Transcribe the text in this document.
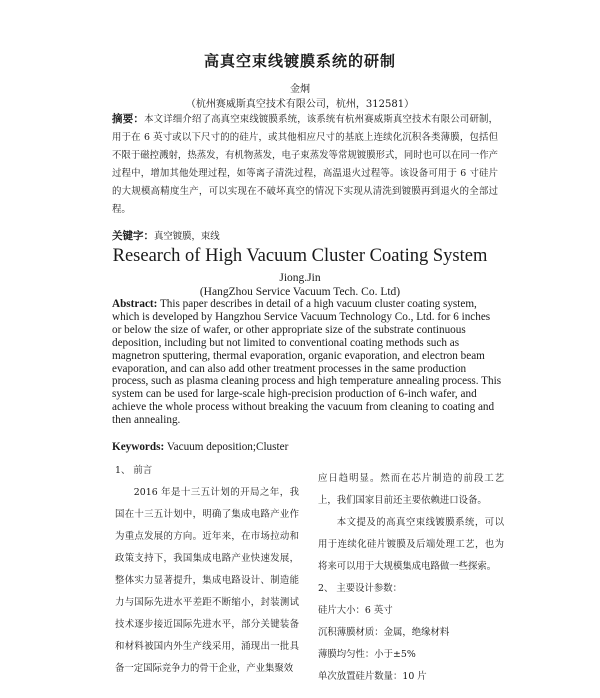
高真空束线镀膜系统的研制
金炯
（杭州赛威斯真空技术有限公司，杭州，312581）
摘要：本文详细介绍了高真空束线镀膜系统，该系统有杭州赛威斯真空技术有限公司研制，用于在 6 英寸或以下尺寸的的硅片，或其他相应尺寸的基底上连续化沉积各类薄膜，包括但不限于磁控溅射，热蒸发，有机物蒸发，电子束蒸发等常规镀膜形式，同时也可以在同一作产过程中，增加其他处理过程，如等离子清洗过程，高温退火过程等。该设备可用于 6 寸硅片的大规模高精度生产，可以实现在不破坏真空的情况下实现从清洗到镀膜再到退火的全部过程。
关键字：真空镀膜，束线
Research of High Vacuum Cluster Coating System
Jiong.Jin
(HangZhou Service Vacuum Tech. Co. Ltd)
Abstract: This paper describes in detail of a high vacuum cluster coating system, which is developed by Hangzhou Service Vacuum Technology Co., Ltd. for 6 inches or below the size of wafer, or other appropriate size of the substrate continuous deposition, including but not limited to conventional coating methods such as magnetron sputtering, thermal evaporation, organic evaporation, and electron beam evaporation, and can also add other treatment processes in the same production process, such as plasma cleaning process and high temperature annealing process. This system can be used for large-scale high-precision production of 6-inch wafer, and achieve the whole process without breaking the vacuum from cleaning to coating and then annealing.
Keywords: Vacuum deposition;Cluster

1、 前言

2016 年是十三五计划的开局之年，我国在十三五计划中，明确了集成电路产业作为重点发展的方向。近年来，在市场拉动和政策支持下，我国集成电路产业快速发展，整体实力显著提升，集成电路设计、制造能力与国际先进水平差距不断缩小，封装测试技术逐步接近国际先进水平，部分关键装备和材料被国内外生产线采用，涌现出一批具备一定国际竞争力的骨干企业，产业集聚效

应日趋明显。然而在芯片制造的前段工艺上，我们国家目前还主要依赖进口设备。

本文提及的高真空束线镀膜系统，可以用于连续化硅片镀膜及后端处理工艺，也为将来可以用于大规模集成电路做一些探索。

2、 主要设计参数：

硅片大小：6 英寸

沉积薄膜材质：金属，绝缘材料

薄膜均匀性：小于±5%

单次放置硅片数量：10 片
